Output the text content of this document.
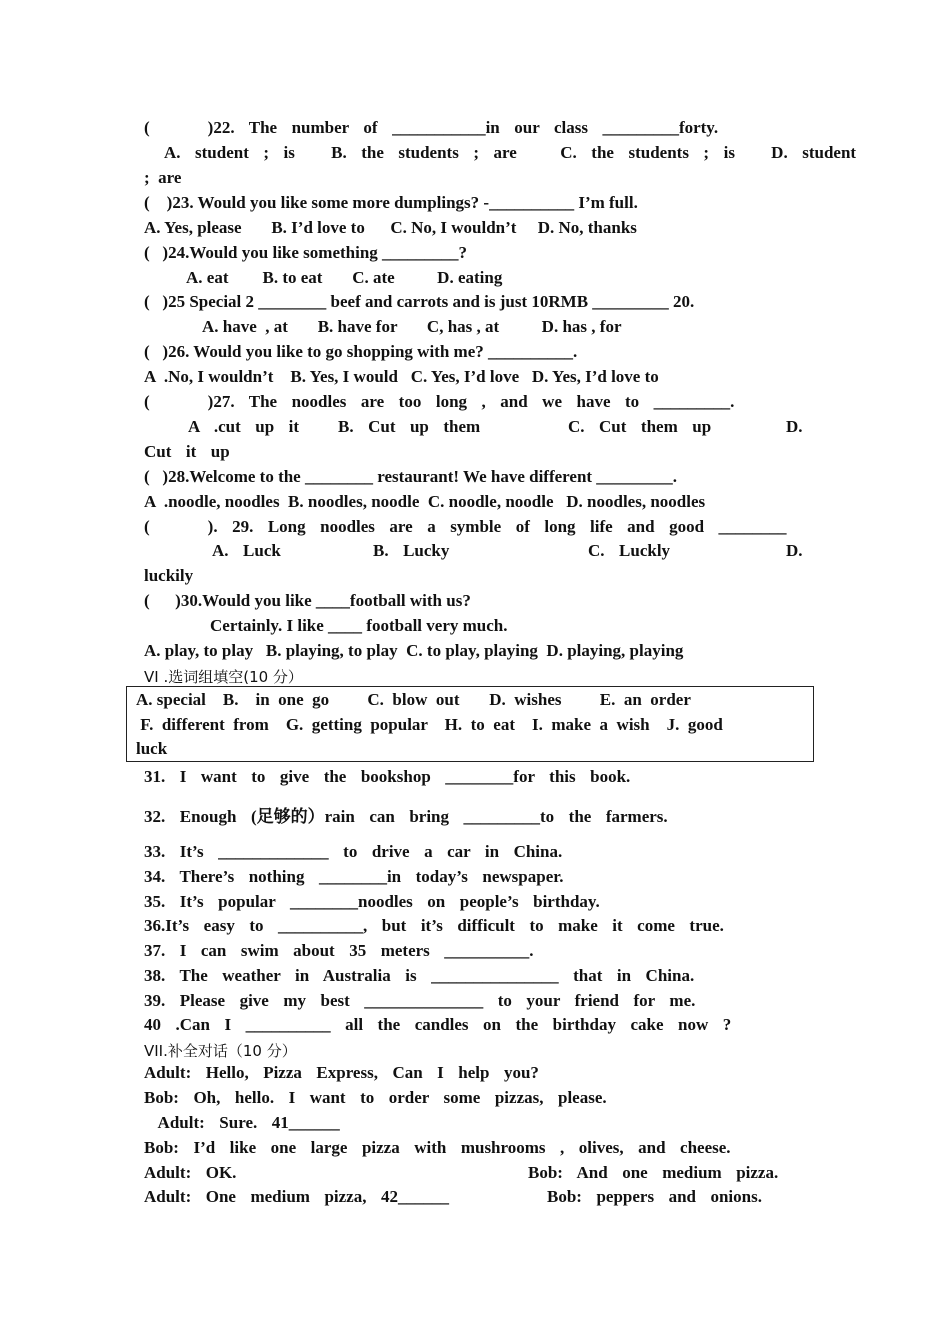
(        )22.  The  number  of  ___________in  our  class  _________forty.
A.  student  ;  is     B.  the  students  ;  are      C.  the  students  ;  is     D.  student
;  are
(    )23. Would you like some more dumplings? -__________ I’m full.
A. Yes, please       B. I’d love to      C. No, I wouldn’t     D. No, thanks
(   )24.Would you like something _________?
A. eat        B. to eat       C. ate          D. eating
(   )25 Special 2 ________ beef and carrots and is just 10RMB _________ 20.
A. have  , at       B. have for       C, has , at          D. has , for
(   )26. Would you like to go shopping with me? __________.
A  .No, I wouldn’t    B. Yes, I would   C. Yes, I’d love   D. Yes, I’d love to
(        )27.  The  noodles  are  too  long  ,  and  we  have  to  _________.
A  .cut  up  it B.  Cut  up  them	C.  Cut  them  up	D.
Cut  it  up
(   )28.Welcome to the ________ restaurant! We have different _________.
A  .noodle, noodles  B. noodles, noodle  C. noodle, noodle   D. noodles, noodles
(        ).  29.  Long  noodles  are  a  symble  of  long  life  and  good  ________
A.  Luck	B.  Lucky	C.  Luckly	D.
luckily
(      )30.Would you like ____football with us?
Certainly. I like ____ football very much.
A. play, to play   B. playing, to play  C. to play, playing  D. playing, playing
VI .选词组填空(10 分）
A. special    B.    in  one  go         C.  blow  out       D.  wishes         E.  an  order
F.  different  from    G.  getting  popular    H.  to  eat    I.  make  a  wish    J.  good
luck
31.  I  want  to  give  the  bookshop  ________for  this  book.
32.  Enough  (足够的）rain  can  bring  _________to  the  farmers.
33.  It’s  _____________  to  drive  a  car  in  China.
34.  There’s  nothing  ________in  today’s  newspaper.
35.  It’s  popular  ________noodles  on  people’s  birthday.
36.It’s  easy  to  __________,  but  it’s  difficult  to  make  it  come  true.
37.  I  can  swim  about  35  meters  __________.
38.  The  weather  in  Australia  is  _______________  that  in  China.
39.  Please  give  my  best  ______________  to  your  friend  for  me.
40  .Can  I  __________  all  the  candles  on  the  birthday  cake  now  ?
VII.补全对话（10 分）
Adult:  Hello,  Pizza  Express,  Can  I  help  you?
Bob:  Oh,  hello.  I  want  to  order  some  pizzas,  please.
Adult:  Sure.  41______
Bob:  I’d  like  one  large  pizza  with  mushrooms  ,  olives,  and  cheese.
Adult:  OK.	Bob:  And  one  medium  pizza.
Adult:  One  medium  pizza,  42______	Bob:  peppers  and  onions.
